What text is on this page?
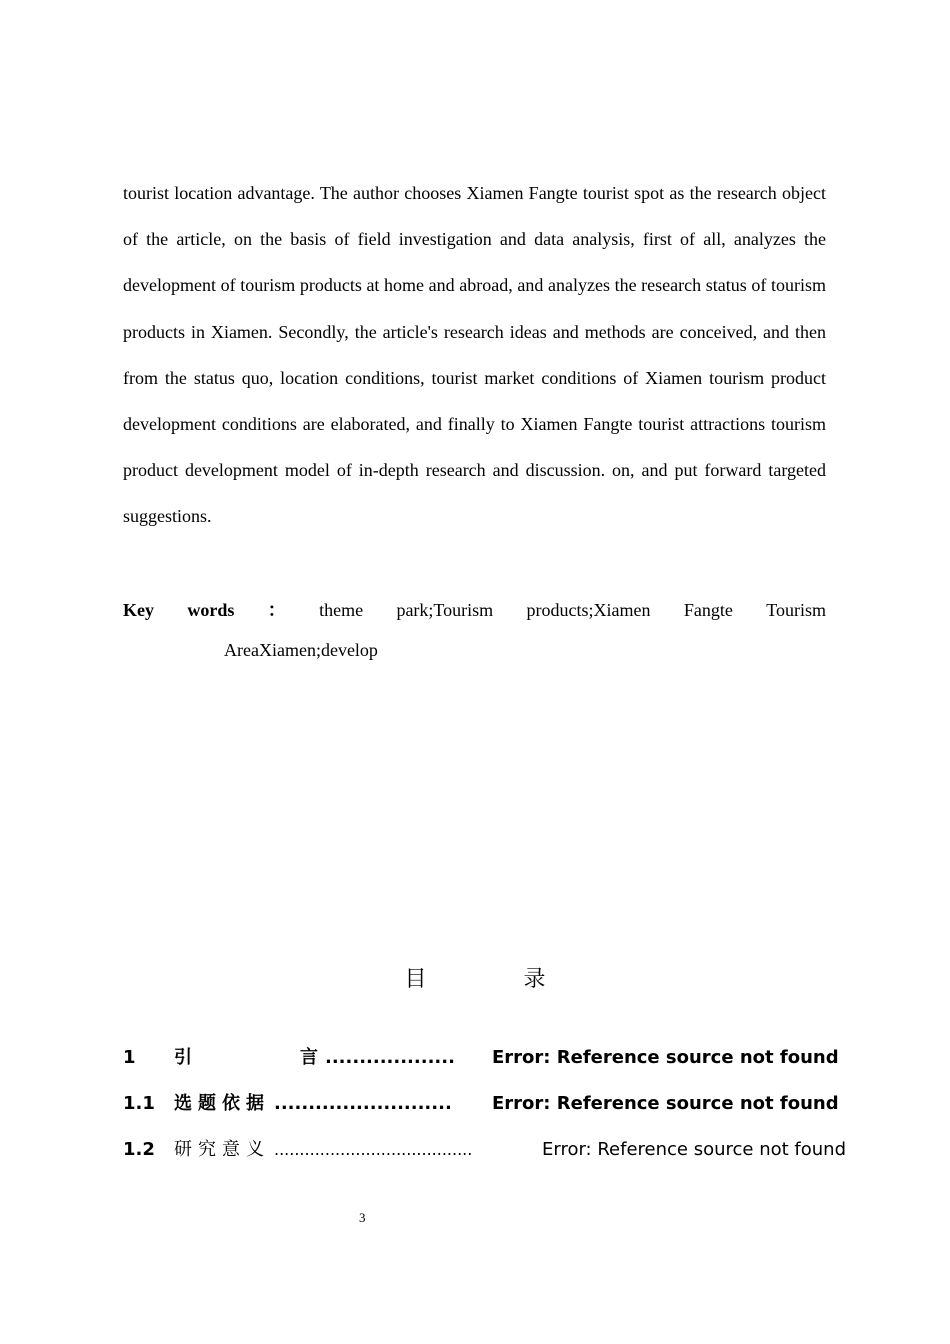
tourist location advantage. The author chooses Xiamen Fangte tourist spot as the research object of the article, on the basis of field investigation and data analysis, first of all, analyzes the development of tourism products at home and abroad, and analyzes the research status of tourism products in Xiamen. Secondly, the article's research ideas and methods are conceived, and then from the status quo, location conditions, tourist market conditions of Xiamen tourism product development conditions are elaborated, and finally to Xiamen Fangte tourist attractions tourism product development model of in-depth research and discussion. on, and put forward targeted suggestions.

Key words ： theme park;Tourism products;Xiamen Fangte Tourism
AreaXiamen;develop
目	录
1 引	言 ................... Error: Reference source not found
1.1 选题依据 .......................... Error: Reference source not found
1.2 研究意义 .......................................	Error: Reference source not found
3
